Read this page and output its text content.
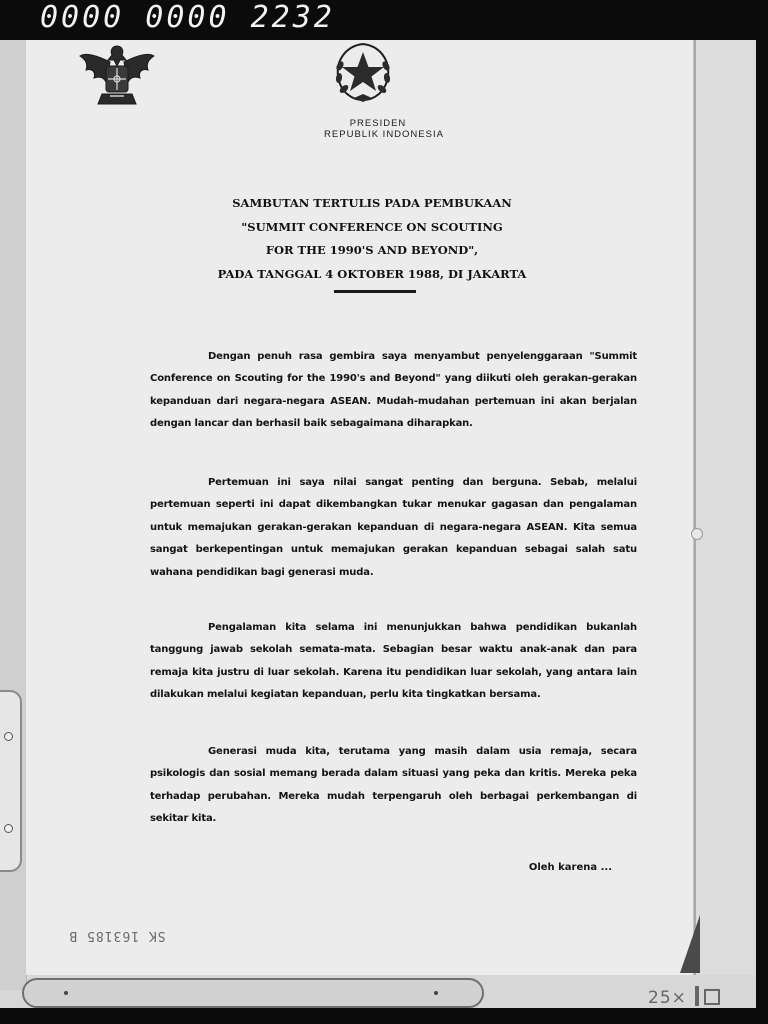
0000 0000 2232
PRESIDEN
REPUBLIK INDONESIA
SAMBUTAN TERTULIS PADA PEMBUKAAN
"SUMMIT CONFERENCE ON SCOUTING
FOR THE 1990'S AND BEYOND",
PADA TANGGAL 4 OKTOBER 1988, DI JAKARTA

Dengan penuh rasa gembira saya menyambut penyelenggaraan "Summit Conference on Scouting for the 1990's and Beyond" yang diikuti oleh gerakan-gerakan kepanduan dari negara-negara ASEAN. Mudah-mudahan pertemuan ini akan berjalan dengan lancar dan berhasil baik sebagaimana diharapkan.

Pertemuan ini saya nilai sangat penting dan berguna. Sebab, melalui pertemuan seperti ini dapat dikembangkan tukar menukar gagasan dan pengalaman untuk memajukan gerakan-gerakan kepanduan di negara-negara ASEAN. Kita semua sangat berkepentingan untuk memajukan gerakan kepanduan sebagai salah satu wahana pendidikan bagi generasi muda.

Pengalaman kita selama ini menunjukkan bahwa pendidikan bukanlah tanggung jawab sekolah semata-mata. Sebagian besar waktu anak-anak dan para remaja kita justru di luar sekolah. Karena itu pendidikan luar sekolah, yang antara lain dilakukan melalui kegiatan kepanduan, perlu kita tingkatkan bersama.

Generasi muda kita, terutama yang masih dalam usia remaja, secara psikologis dan sosial memang berada dalam situasi yang peka dan kritis. Mereka peka terhadap perubahan. Mereka mudah terpengaruh oleh berbagai perkembangan di sekitar kita.

Oleh karena ...
SK 163185 B
25×
